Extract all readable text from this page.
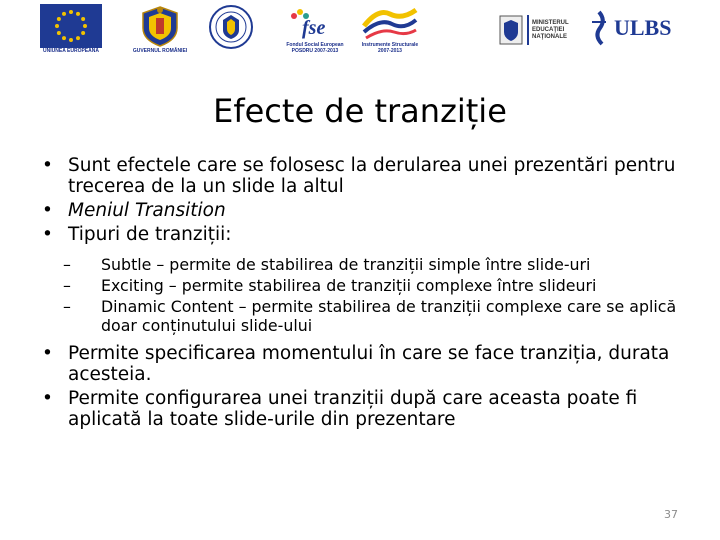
UNIUNEA EUROPEANĂ	GUVERNUL ROMÂNIEI
fse
Fondul Social European POSDRU 2007-2013
Instrumente Structurale 2007-2013
MINISTERUL EDUCAŢIEI NAŢIONALE ULBS
Efecte de tranziție
• Sunt efectele care se folosesc la derularea unei prezentări pentru trecerea de la un slide la altul
• Meniul Transition
• Tipuri de tranziții:
– Subtle – permite de stabilirea de tranziții simple între slide-uri
– Exciting – permite stabilirea de tranziții complexe între slideuri
– Dinamic Content – permite stabilirea de tranziții complexe care se aplică doar conținutului slide-ului
• Permite specificarea momentului în care se face tranziția, durata acesteia.
• Permite configurarea unei tranziții după care aceasta poate fi aplicată la toate slide-urile din prezentare
37
